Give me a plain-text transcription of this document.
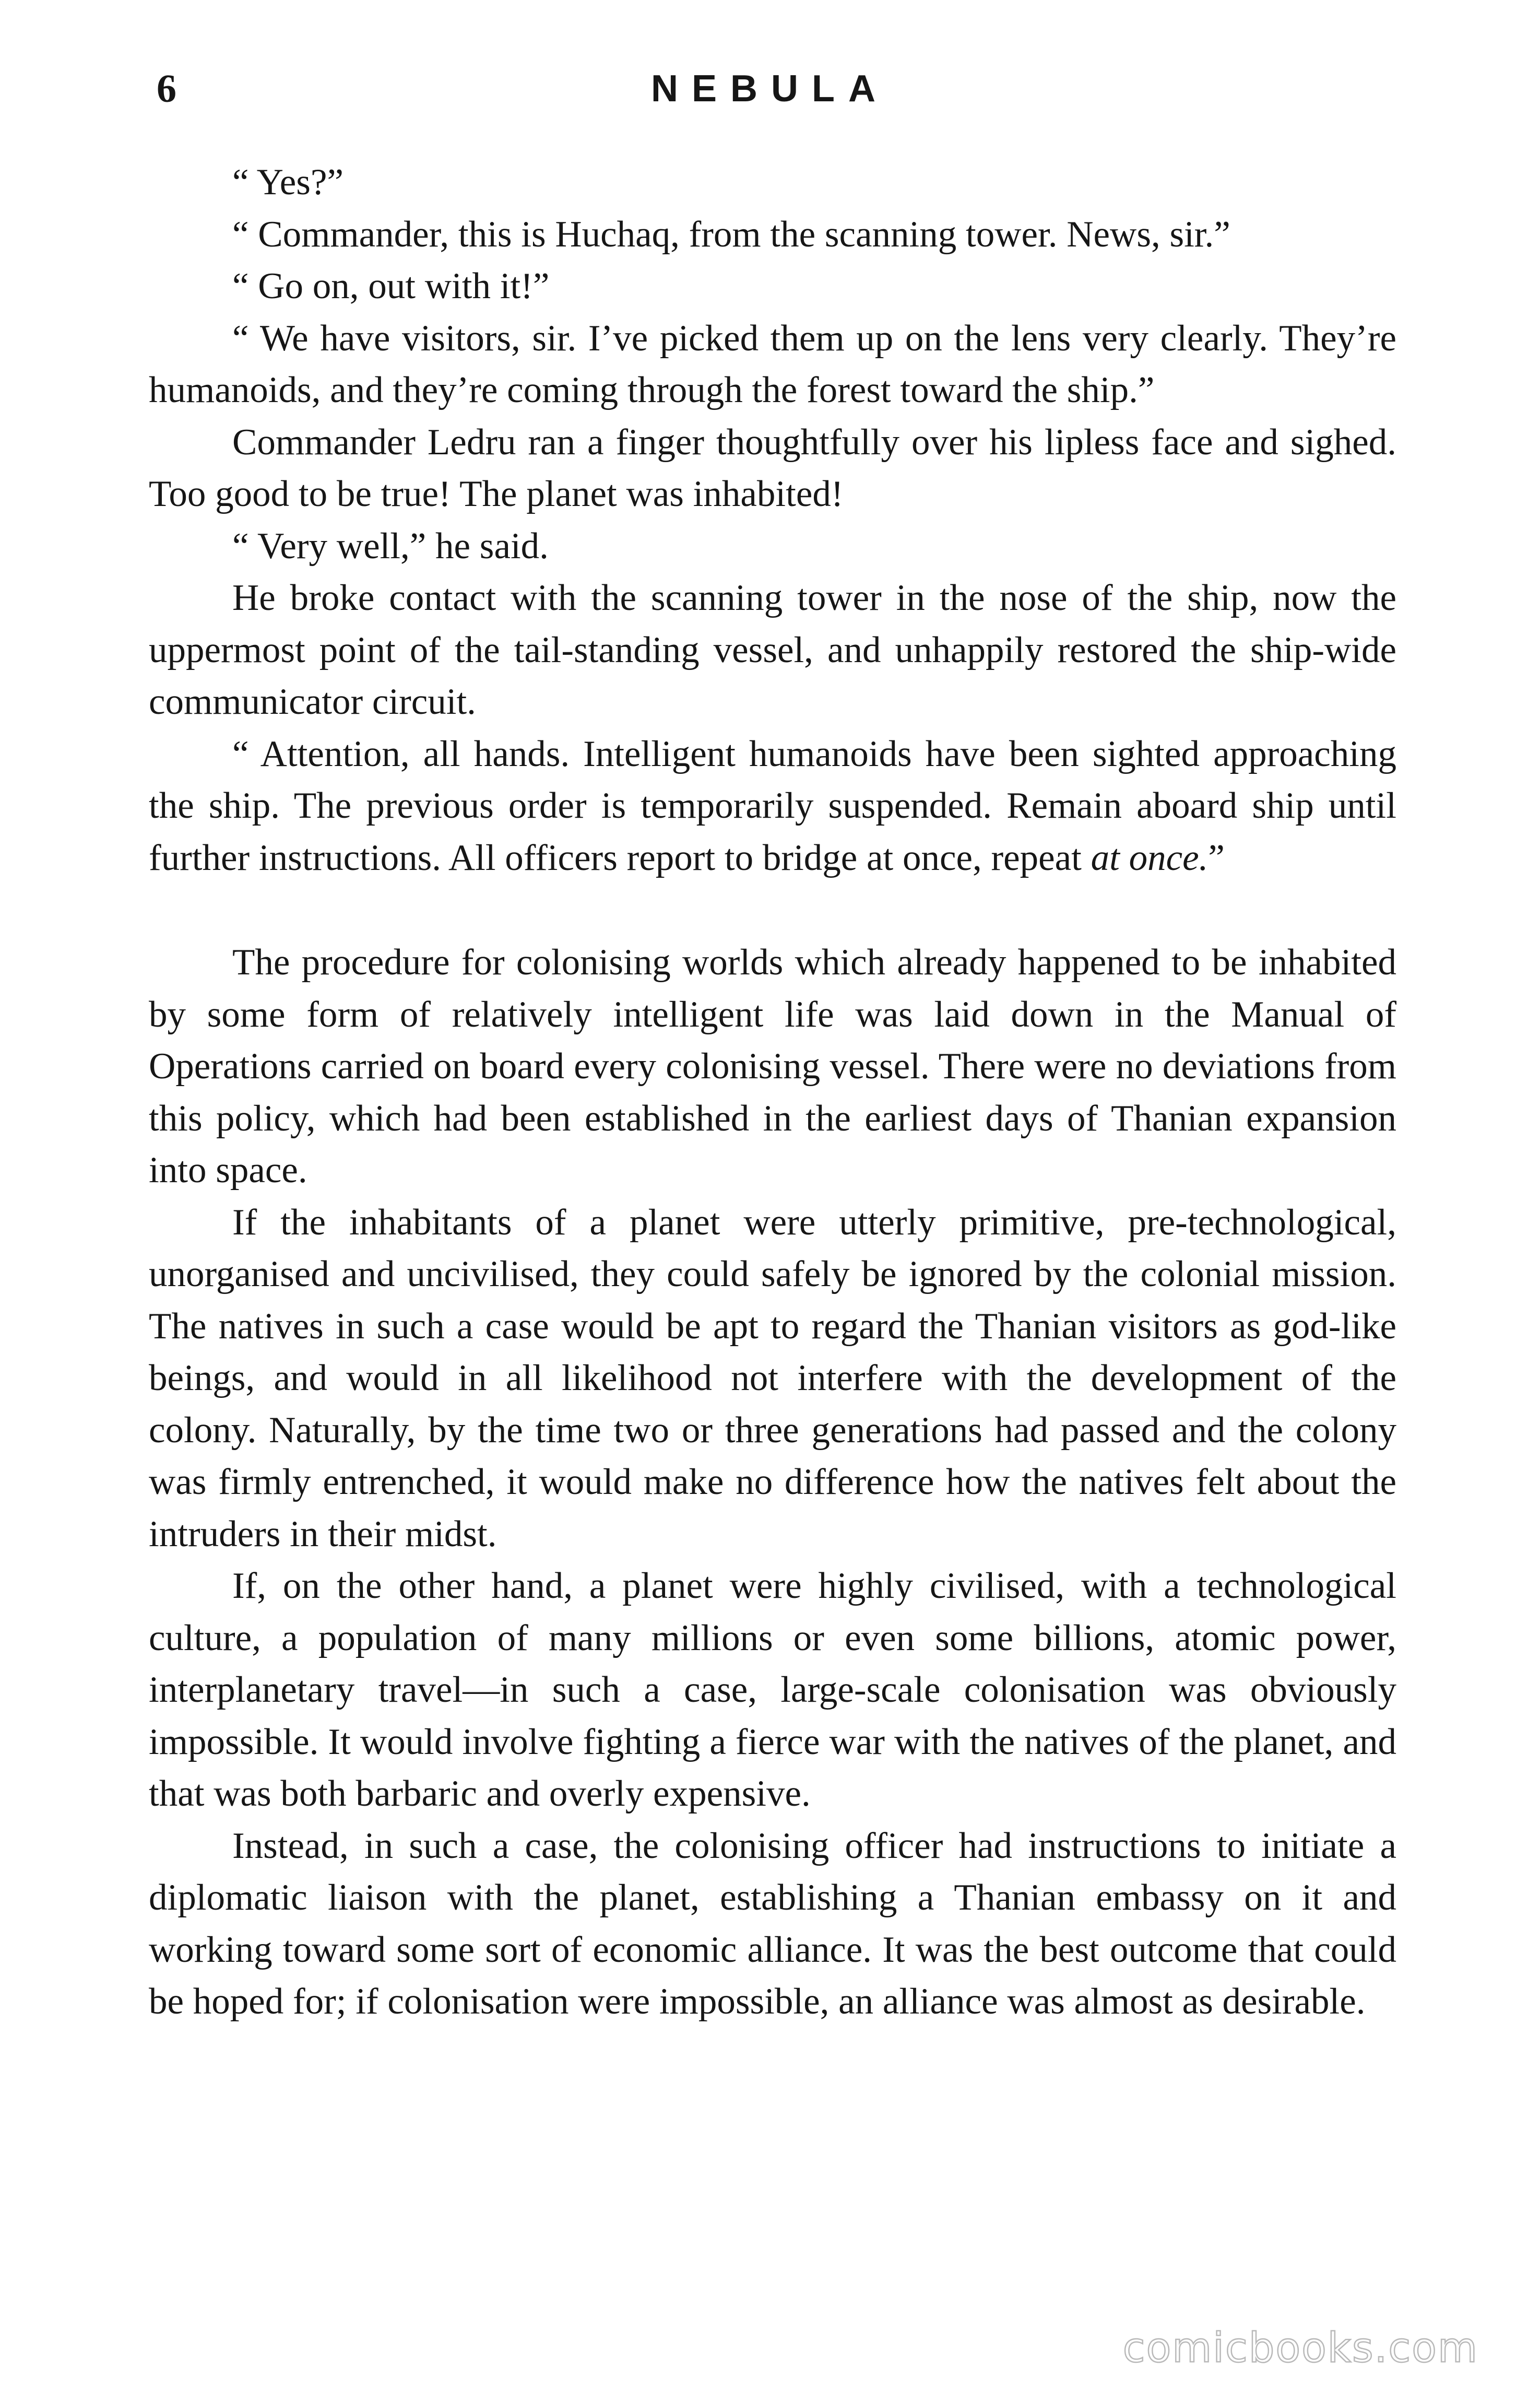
6	NEBULA

“ Yes?”

“ Commander, this is Huchaq, from the scanning tower. News, sir.”

“ Go on, out with it!”

“ We have visitors, sir. I’ve picked them up on the lens very clearly. They’re humanoids, and they’re coming through the forest toward the ship.”

Commander Ledru ran a finger thoughtfully over his lipless face and sighed. Too good to be true! The planet was inhabited!

“ Very well,” he said.

He broke contact with the scanning tower in the nose of the ship, now the uppermost point of the tail-standing vessel, and unhappily restored the ship-wide communicator circuit.

“ Attention, all hands. Intelligent humanoids have been sighted approaching the ship. The previous order is temporarily suspended. Remain aboard ship until further instructions. All officers report to bridge at once, repeat at once.”

The procedure for colonising worlds which already happened to be inhabited by some form of relatively intelligent life was laid down in the Manual of Operations carried on board every colonising vessel. There were no deviations from this policy, which had been established in the earliest days of Thanian expansion into space.

If the inhabitants of a planet were utterly primitive, pre-technological, unorganised and uncivilised, they could safely be ignored by the colonial mission. The natives in such a case would be apt to regard the Thanian visitors as god-like beings, and would in all likelihood not interfere with the development of the colony. Naturally, by the time two or three generations had passed and the colony was firmly entrenched, it would make no difference how the natives felt about the intruders in their midst.

If, on the other hand, a planet were highly civilised, with a technological culture, a population of many millions or even some billions, atomic power, interplanetary travel—in such a case, large-scale colonisation was obviously impossible. It would involve fighting a fierce war with the natives of the planet, and that was both barbaric and overly expensive.

Instead, in such a case, the colonising officer had instructions to initiate a diplomatic liaison with the planet, establishing a Thanian embassy on it and working toward some sort of economic alliance. It was the best outcome that could be hoped for; if colonisation were impossible, an alliance was almost as desirable.

comicbooks.com
